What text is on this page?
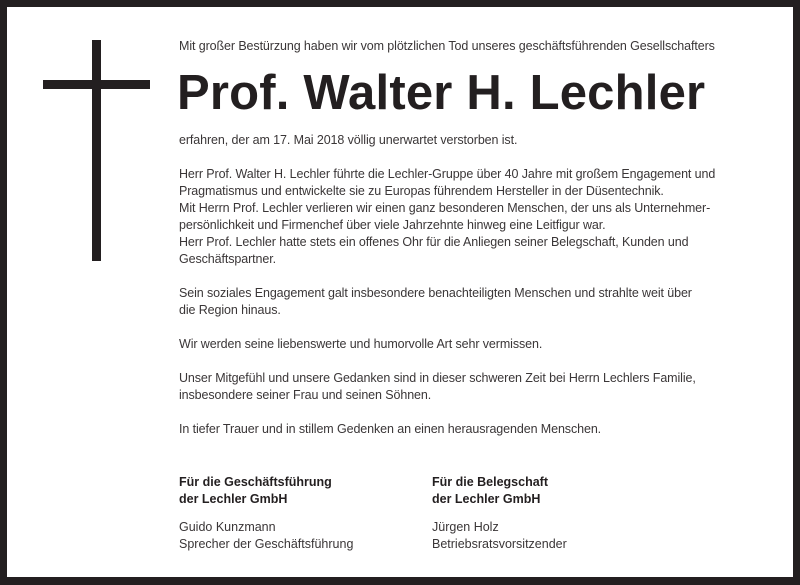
Mit großer Bestürzung haben wir vom plötzlichen Tod unseres geschäftsführenden Gesellschafters

Prof. Walter H. Lechler

erfahren, der am 17. Mai 2018 völlig unerwartet verstorben ist.

Herr Prof. Walter H. Lechler führte die Lechler-Gruppe über 40 Jahre mit großem Engagement und
Pragmatismus und entwickelte sie zu Europas führendem Hersteller in der Düsentechnik.
Mit Herrn Prof. Lechler verlieren wir einen ganz besonderen Menschen, der uns als Unternehmer-
persönlichkeit und Firmenchef über viele Jahrzehnte hinweg eine Leitfigur war.
Herr Prof. Lechler hatte stets ein offenes Ohr für die Anliegen seiner Belegschaft, Kunden und
Geschäftspartner.

Sein soziales Engagement galt insbesondere benachteiligten Menschen und strahlte weit über
die Region hinaus.

Wir werden seine liebenswerte und humorvolle Art sehr vermissen.

Unser Mitgefühl und unsere Gedanken sind in dieser schweren Zeit bei Herrn Lechlers Familie,
insbesondere seiner Frau und seinen Söhnen.

In tiefer Trauer und in stillem Gedenken an einen herausragenden Menschen.

Für die Geschäftsführung
der Lechler GmbH
Guido Kunzmann
Sprecher der Geschäftsführung
Für die Belegschaft
der Lechler GmbH
Jürgen Holz
Betriebsratsvorsitzender
